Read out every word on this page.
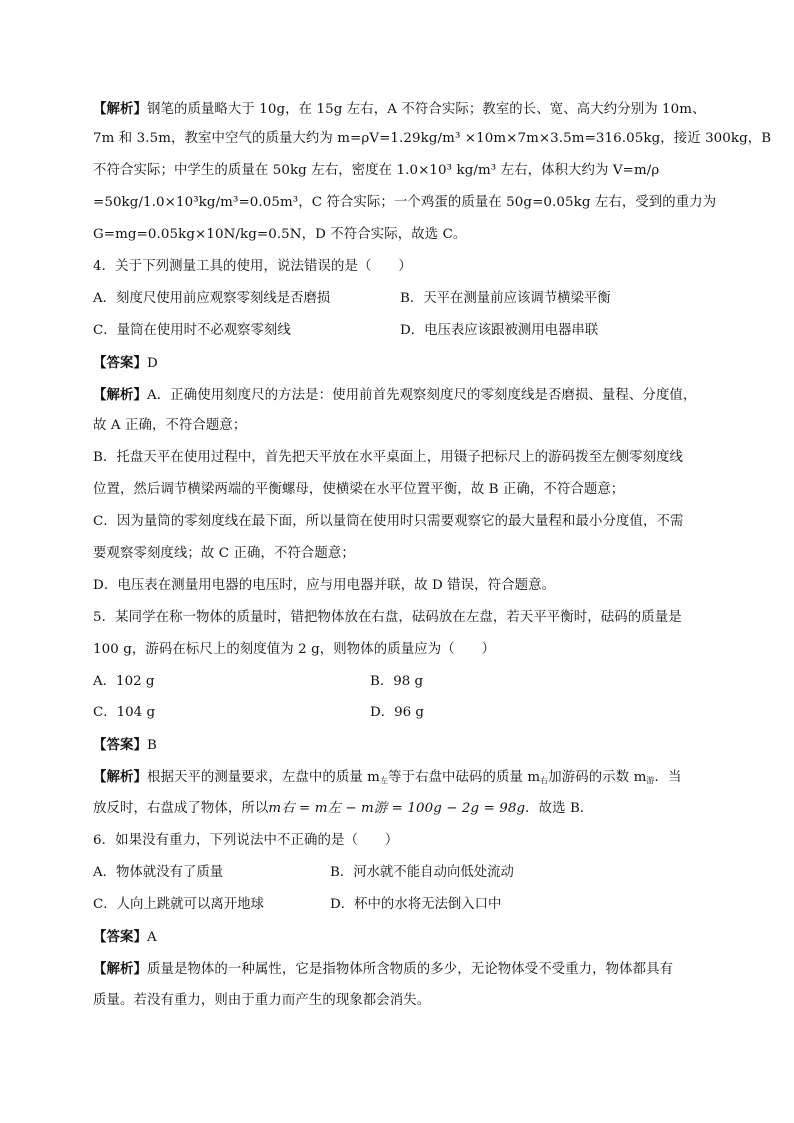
【解析】钢笔的质量略大于 10g，在 15g 左右，A 不符合实际；教室的长、宽、高大约分别为 10m、
7m 和 3.5m，教室中空气的质量大约为 m=ρV=1.29kg/m³ ×10m×7m×3.5m=316.05kg，接近 300kg，B
不符合实际；中学生的质量在 50kg 左右，密度在 1.0×10³ kg/m³ 左右，体积大约为 V=m/ρ
=50kg/1.0×10³kg/m³=0.05m³，C 符合实际；一个鸡蛋的质量在 50g=0.05kg 左右，受到的重力为
G=mg=0.05kg×10N/kg=0.5N，D 不符合实际，故选 C。
4．关于下列测量工具的使用，说法错误的是（　　）
A．刻度尺使用前应观察零刻线是否磨损	B．天平在测量前应该调节横梁平衡
C．量筒在使用时不必观察零刻线	D．电压表应该跟被测用电器串联
【答案】D
【解析】A．正确使用刻度尺的方法是：使用前首先观察刻度尺的零刻度线是否磨损、量程、分度值，
故 A 正确，不符合题意；
B．托盘天平在使用过程中，首先把天平放在水平桌面上，用镊子把标尺上的游码拨至左侧零刻度线
位置，然后调节横梁两端的平衡螺母，使横梁在水平位置平衡，故 B 正确，不符合题意；
C．因为量筒的零刻度线在最下面，所以量筒在使用时只需要观察它的最大量程和最小分度值，不需
要观察零刻度线；故 C 正确，不符合题意；
D．电压表在测量用电器的电压时，应与用电器并联，故 D 错误，符合题意。
5．某同学在称一物体的质量时，错把物体放在右盘，砝码放在左盘，若天平平衡时，砝码的质量是
100 g，游码在标尺上的刻度值为 2 g，则物体的质量应为（　　）
A．102 g	B．98 g
C．104 g	D．96 g
【答案】B
【解析】根据天平的测量要求，左盘中的质量 $m_左$等于右盘中砝码的质量 $m_右$加游码的示数 $m_游$．当
放反时，右盘成了物体，所以m右 = m左 − m游 = 100g − 2g = 98g．故选 B．
6．如果没有重力，下列说法中不正确的是（　　）
A．物体就没有了质量	B．河水就不能自动向低处流动
C．人向上跳就可以离开地球	D．杯中的水将无法倒入口中
【答案】A
【解析】质量是物体的一种属性，它是指物体所含物质的多少，无论物体受不受重力，物体都具有
质量。若没有重力，则由于重力而产生的现象都会消失。
